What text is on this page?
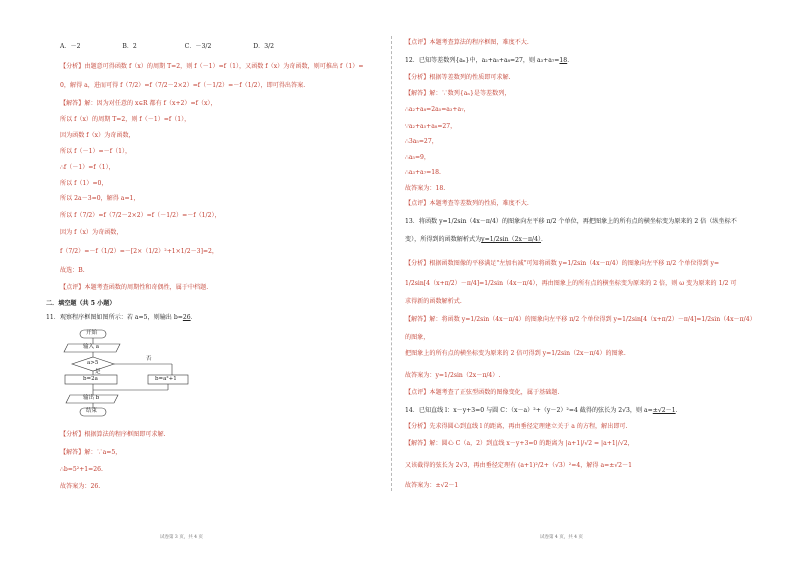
A．－2	B．2	C．－3/2	D．3/2
【分析】由题意可得函数 f（x）的周期 T=2，则 f（－1）=f（1），又函数 f（x）为奇函数，则可推出 f（1）=
0，解得 a，进而可得 f（7/2）=f（7/2－2×2）=f（－1/2）=－f（1/2），即可得出答案.
【解答】解：因为对任意的 x∈R 都有 f（x+2）=f（x），
所以 f（x）的周期 T=2，则 f（－1）=f（1），
因为函数 f（x）为奇函数，
所以 f（－1）=－f（1），
∴f（－1）=f（1），
所以 f（1）=0，
所以 2a－3=0，解得 a=1，
所以 f（7/2）=f（7/2－2×2）=f（－1/2）=－f（1/2），
因为 f（x）为奇函数，
f（7/2）=－f（1/2）=－[2×（1/2）²+1×1/2－3]=2，
故选：B.
【点评】本题考查函数的周期性和奇偶性，属于中档题.
二．填空题（共 5 小题）
11．观察程序框图如图所示：若 a=5，则输出 b=26．
开始
输入 a
a>5
否
是
b=2a	b=a²+1
输出 b
结束
【分析】根据算法的程序框图即可求解.
【解答】解：∵a=5，
∴b=5²+1=26.
故答案为：26.
【点评】本题考查算法的程序框图，难度不大.
12．已知等差数列{aₙ}中，a₂+a₅+a₈=27，则 a₃+a₇=18．
【分析】根据等差数列的性质即可求解.
【解答】解：∵数列{aₙ}是等差数列，
∴a₂+a₈=2a₅=a₃+a₇，
∵a₂+a₅+a₈=27，
∴3a₅=27，
∴a₅=9，
∴a₃+a₇=18.
故答案为：18.
【点评】本题考查等差数列的性质，难度不大.
13．将函数 y=1/2sin（4x－π/4）的图象向左平移 π/2 个单位，再把图象上的所有点的横坐标变为原来的 2 倍（纵坐标不
变），所得到的函数解析式为y=1/2sin（2x－π/4）．
【分析】根据函数图像的平移满足"左加右减"可知将函数 y=1/2sin（4x－π/4）的图象向左平移 π/2 个单位得到 y=
1/2sin[4（x+π/2）－π/4]=1/2sin（4x－π/4），再由图象上的所有点的横坐标变为原来的 2 倍，则 ω 变为原来的 1/2 可
求得新的函数解析式.
【解答】解：将函数 y=1/2sin（4x－π/4）的图象向左平移 π/2 个单位得到 y=1/2sin[4（x+π/2）－π/4]=1/2sin（4x－π/4）
的图象，
把图象上的所有点的横坐标变为原来的 2 倍可得到 y=1/2sin（2x－π/4）的图象.
故答案为：y=1/2sin（2x－π/4）.
【点评】本题考查了正弦型函数的图像变化，属于基础题.
14．已知直线 l：x－y+3=0 与圆 C：（x－a）²+（y－2）²=4 截得的弦长为 2√3，则 a=±√2－1．
【分析】先求得圆心到直线 l 的距离，再由垂径定理建立关于 a 的方程，解出即可.
【解答】解：圆心 C（a，2）到直线 x－y+3=0 的距离为 |a+1|/√2 = |a+1|/√2，
又该截得的弦长为 2√3，再由垂径定理有 (a+1)²/2+（√3）²=4，解得 a=±√2－1
故答案为：±√2－1
试卷第 3 页，共 4 页	试卷第 4 页，共 4 页
